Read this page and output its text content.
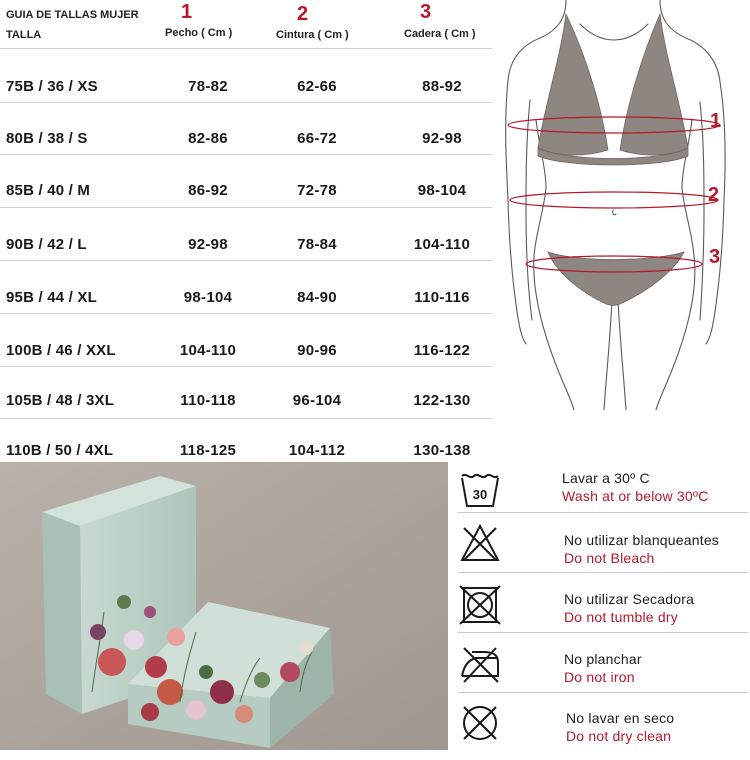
GUIA DE TALLAS MUJER
TALLA
1
Pecho ( Cm )
2
Cintura ( Cm )
3
Cadera ( Cm )
75B / 36 / XS	78-82	62-66	88-92
80B / 38 / S	82-86	66-72	92-98
85B / 40 / M	86-92	72-78	98-104
90B / 42 / L	92-98	78-84	104-110
95B / 44 / XL	98-104	84-90	110-116
100B / 46 / XXL	104-110	90-96	116-122
105B / 48 / 3XL	110-118	96-104	122-130
110B / 50 / 4XL	118-125	104-112	130-138
1
2
3
30
Lavar a 30º C
Wash at or below 30ºC
No utilizar blanqueantes
Do not Bleach
No utilizar Secadora
Do not tumble dry
No planchar
Do not iron
No lavar en seco
Do not dry clean
